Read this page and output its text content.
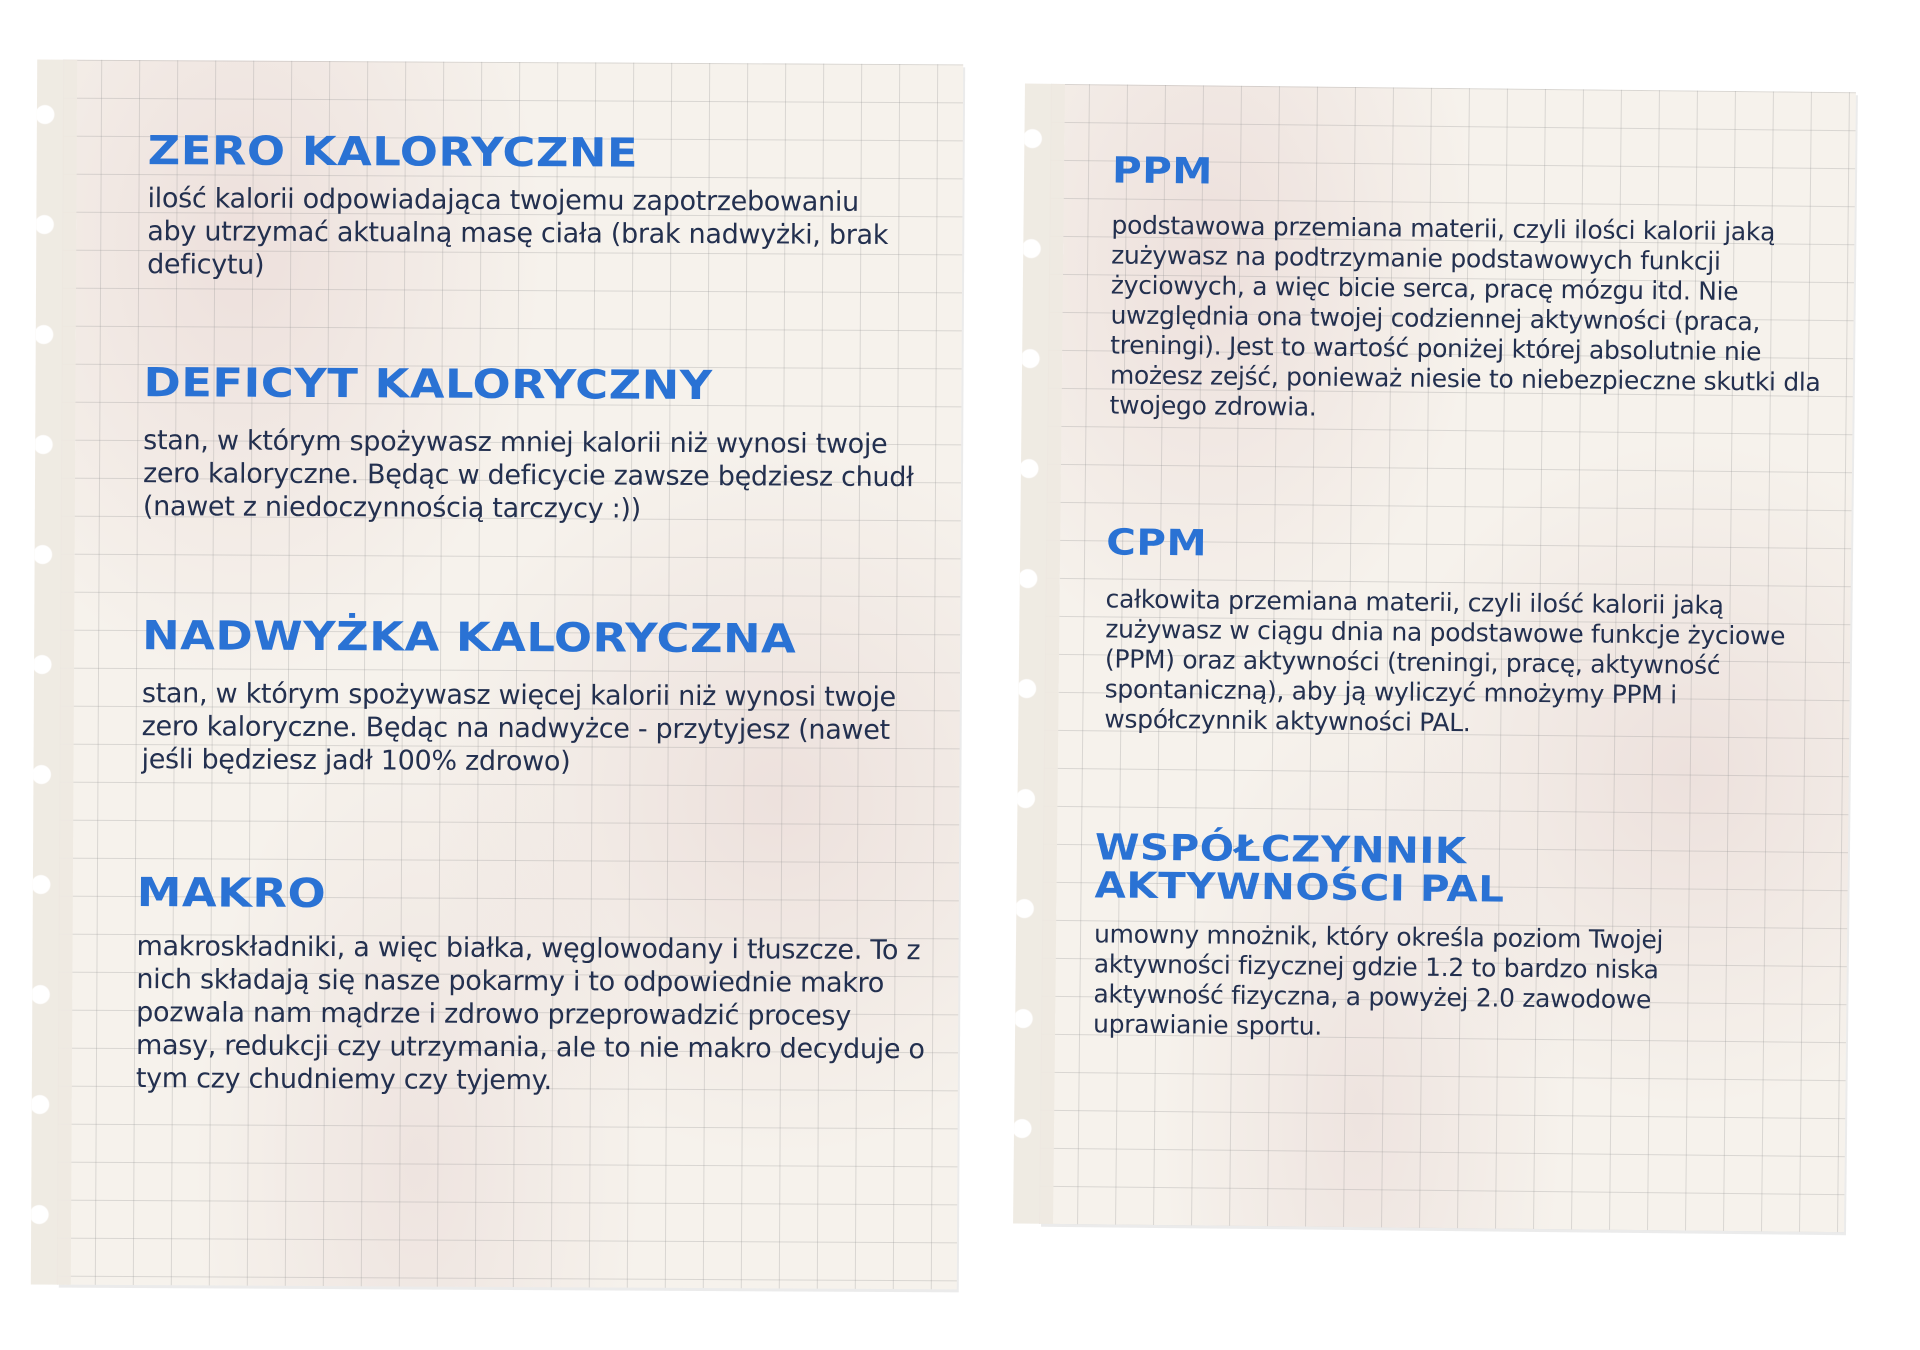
ZERO KALORYCZNE

ilość kalorii odpowiadająca twojemu zapotrzebowaniu aby utrzymać aktualną masę ciała (brak nadwyżki, brak deficytu)

DEFICYT KALORYCZNY

stan, w którym spożywasz mniej kalorii niż wynosi twoje zero kaloryczne. Będąc w deficycie zawsze będziesz chudł (nawet z niedoczynnością tarczycy :))

NADWYŻKA KALORYCZNA

stan, w którym spożywasz więcej kalorii niż wynosi twoje zero kaloryczne. Będąc na nadwyżce - przytyjesz (nawet jeśli będziesz jadł 100% zdrowo)

MAKRO

makroskładniki, a więc białka, węglowodany i tłuszcze. To z nich składają się nasze pokarmy i to odpowiednie makro pozwala nam mądrze i zdrowo przeprowadzić procesy masy, redukcji czy utrzymania, ale to nie makro decyduje o tym czy chudniemy czy tyjemy.

PPM

podstawowa przemiana materii, czyli ilości kalorii jaką zużywasz na podtrzymanie podstawowych funkcji życiowych, a więc bicie serca, pracę mózgu itd. Nie uwzględnia ona twojej codziennej aktywności (praca, treningi). Jest to wartość poniżej której absolutnie nie możesz zejść, ponieważ niesie to niebezpieczne skutki dla twojego zdrowia.

CPM

całkowita przemiana materii, czyli ilość kalorii jaką zużywasz w ciągu dnia na podstawowe funkcje życiowe (PPM) oraz aktywności (treningi, pracę, aktywność spontaniczną), aby ją wyliczyć mnożymy PPM i współczynnik aktywności PAL.

WSPÓŁCZYNNIK
AKTYWNOŚCI PAL

umowny mnożnik, który określa poziom Twojej aktywności fizycznej gdzie 1.2 to bardzo niska aktywność fizyczna, a powyżej 2.0 zawodowe uprawianie sportu.
